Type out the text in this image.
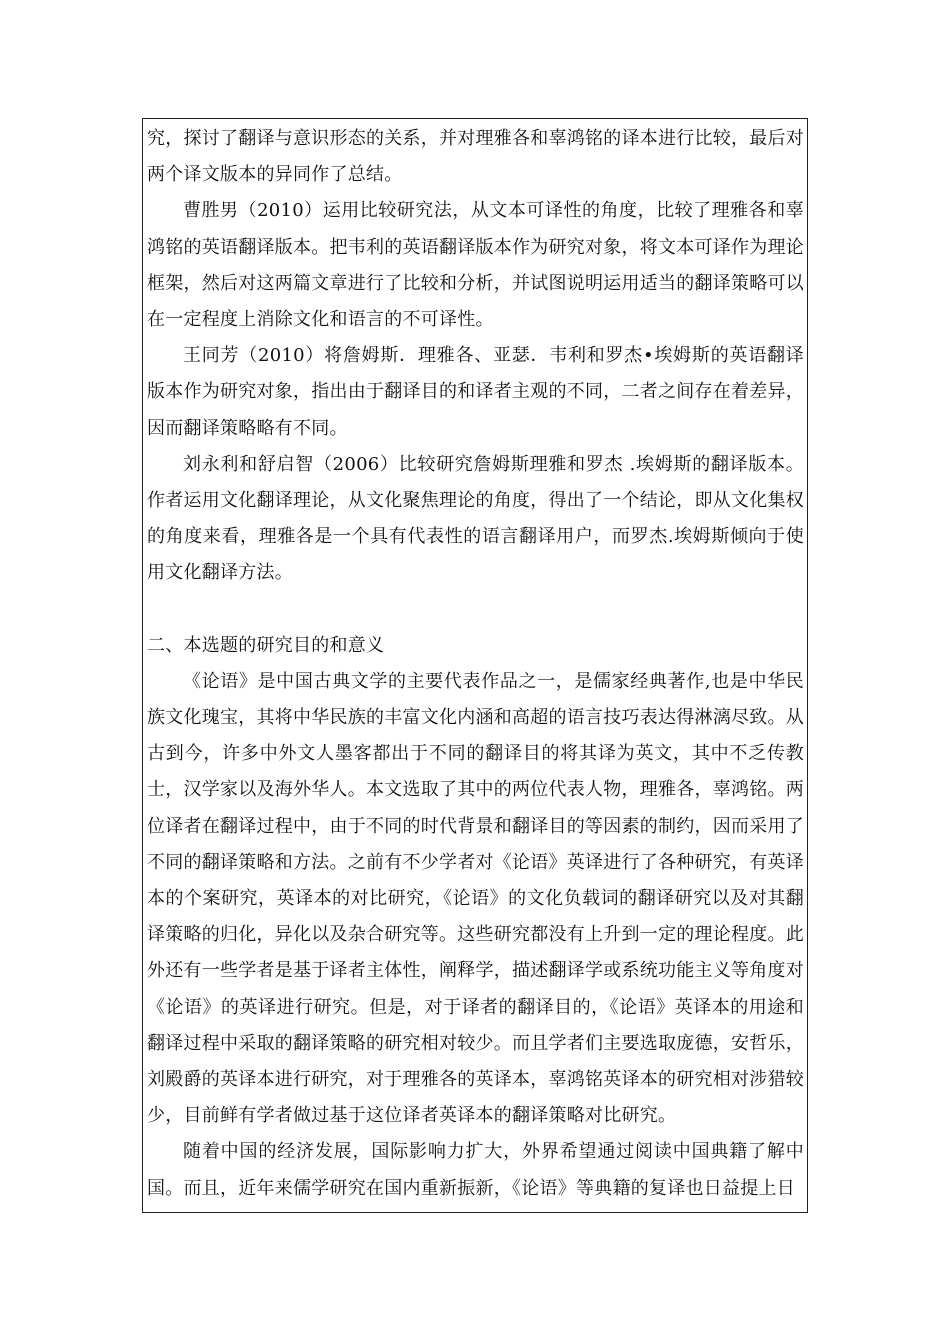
究，探讨了翻译与意识形态的关系，并对理雅各和辜鸿铭的译本进行比较，最后对两个译文版本的异同作了总结。

曹胜男（2010）运用比较研究法，从文本可译性的角度，比较了理雅各和辜鸿铭的英语翻译版本。把韦利的英语翻译版本作为研究对象，将文本可译作为理论框架，然后对这两篇文章进行了比较和分析，并试图说明运用适当的翻译策略可以在一定程度上消除文化和语言的不可译性。

王同芳（2010）将詹姆斯．理雅各、亚瑟．韦利和罗杰•埃姆斯的英语翻译版本作为研究对象，指出由于翻译目的和译者主观的不同，二者之间存在着差异，因而翻译策略略有不同。

刘永利和舒启智（2006）比较研究詹姆斯理雅和罗杰 .埃姆斯的翻译版本。作者运用文化翻译理论，从文化聚焦理论的角度，得出了一个结论，即从文化集权的角度来看，理雅各是一个具有代表性的语言翻译用户，而罗杰.埃姆斯倾向于使用文化翻译方法。

二、本选题的研究目的和意义

《论语》是中国古典文学的主要代表作品之一，是儒家经典著作,也是中华民族文化瑰宝，其将中华民族的丰富文化内涵和高超的语言技巧表达得淋漓尽致。从古到今，许多中外文人墨客都出于不同的翻译目的将其译为英文，其中不乏传教士，汉学家以及海外华人。本文选取了其中的两位代表人物，理雅各，辜鸿铭。两位译者在翻译过程中，由于不同的时代背景和翻译目的等因素的制约，因而采用了不同的翻译策略和方法。之前有不少学者对《论语》英译进行了各种研究，有英译本的个案研究，英译本的对比研究，《论语》的文化负载词的翻译研究以及对其翻译策略的归化，异化以及杂合研究等。这些研究都没有上升到一定的理论程度。此外还有一些学者是基于译者主体性，阐释学，描述翻译学或系统功能主义等角度对《论语》的英译进行研究。但是，对于译者的翻译目的，《论语》英译本的用途和翻译过程中采取的翻译策略的研究相对较少。而且学者们主要选取庞德，安哲乐，刘殿爵的英译本进行研究，对于理雅各的英译本，辜鸿铭英译本的研究相对涉猎较少，目前鲜有学者做过基于这位译者英译本的翻译策略对比研究。

随着中国的经济发展，国际影响力扩大，外界希望通过阅读中国典籍了解中国。而且，近年来儒学研究在国内重新振新，《论语》等典籍的复译也日益提上日
